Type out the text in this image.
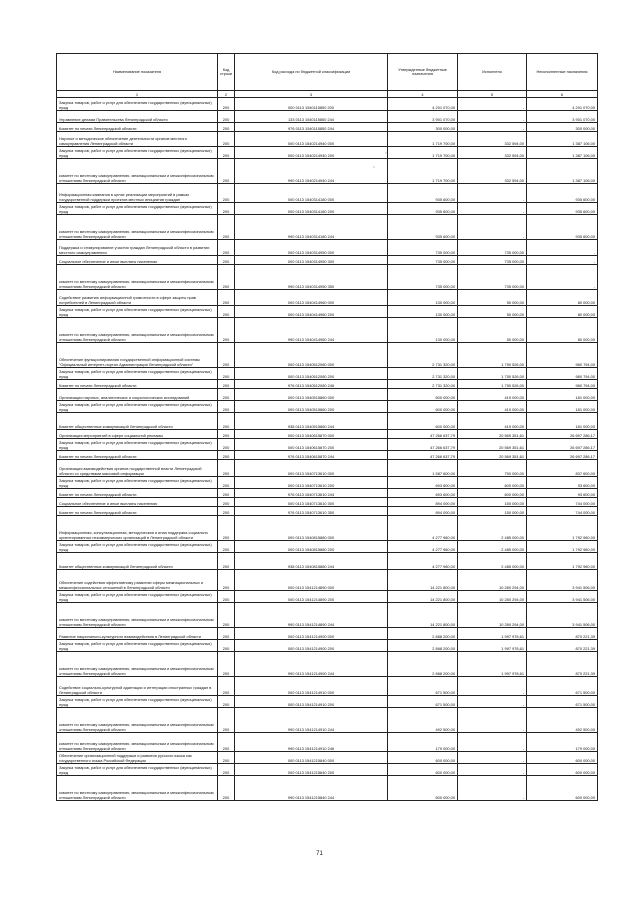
Наименование показателя	Код строки	Код расхода по бюджетной классификации	Утвержденные бюджетные назначения	Исполнено	Неисполненные назначения
1	2	3	4	5	6
Закупка товаров, работ и услуг для обеспечения государственных (муниципальных) нужд	200	000 0113 1540115850 200	4 201 070,00	-	4 201 070,00
Управление делами Правительства Ленинградской области	200	133 0113 1540115850 244	3 901 070,00	-	3 901 070,00
Комитет по печати Ленинградской области	200	976 0113 1540115850 244	300 000,00	-	300 000,00
Научное и методическое обеспечение деятельности органов местного самоуправления Ленинградской области	200	000 0113 1540214940 000	1 719 700,00	332 594,00	1 387 106,00
Закупка товаров, работ и услуг для обеспечения государственных (муниципальных) нужд	200	000 0113 1540214940 200	1 719 700,00	332 594,00	1 387 106,00
комитет по местному самоуправлению, межнациональным и межконфессиональным отношениям Ленинградской области	200	990 0113 1540214940 244	1 719 700,00	332 594,00	1 387 106,00
Информационная кампания в целях реализации мероприятий в рамках государственной поддержки проектов местных инициатив граждан	200	000 0113 1540314180 000	935 600,00	-	935 600,00
Закупка товаров, работ и услуг для обеспечения государственных (муниципальных) нужд	200	000 0113 1540314180 200	935 600,00	-	935 600,00
комитет по местному самоуправлению, межнациональным и межконфессиональным отношениям Ленинградской области	200	990 0113 1540314180 244	935 600,00	-	935 600,00
Поддержка и стимулирование участия граждан Ленинградской области в развитии местного самоуправления	200	000 0113 1540314950 000	735 000,00	735 000,00	-
Социальное обеспечение и иные выплаты населению	200	000 0113 1540314950 300	735 000,00	735 000,00	-
комитет по местному самоуправлению, межнациональным и межконфессиональным отношениям Ленинградской области	200	990 0113 1540314950 350	735 000,00	735 000,00	-
Содействие развитию информационной грамотности в сфере защиты прав потребителей в Ленинградской области	200	000 0113 1540414960 000	130 000,00	50 000,00	80 000,00
Закупка товаров, работ и услуг для обеспечения государственных (муниципальных) нужд	200	000 0113 1540414960 200	130 000,00	50 000,00	80 000,00
комитет по местному самоуправлению, межнациональным и межконфессиональным отношениям Ленинградской области	200	990 0113 1540414960 244	130 000,00	50 000,00	80 000,00
Обеспечение функционирования государственной информационной системы "Официальный интернет-портал Администрации Ленинградской области"	200	000 0113 1540512080 000	2 731 320,00	1 750 526,00	980 794,00
Закупка товаров, работ и услуг для обеспечения государственных (муниципальных) нужд	200	000 0113 1540512080 200	2 731 320,00	1 750 526,00	980 794,00
Комитет по печати Ленинградской области	200	976 0113 1540512080 246	2 731 320,00	1 750 526,00	980 794,00
Организация научных, аналитических и социологических исследований	200	000 0113 1540515860 000	600 000,00	419 000,00	181 000,00
Закупка товаров, работ и услуг для обеспечения государственных (муниципальных) нужд	200	000 0113 1540515860 200	600 000,00	419 000,00	181 000,00
Комитет общественных коммуникаций Ленинградской области	200	938 0113 1540515860 244	600 000,00	419 000,00	181 000,00
Организация мероприятий в сфере социальной рекламы	200	000 0113 1540615870 000	47 266 637,79	20 569 351,61	26 697 286,17
Закупка товаров, работ и услуг для обеспечения государственных (муниципальных) нужд	200	000 0113 1540615870 200	47 266 637,79	20 569 351,61	26 697 286,17
Комитет по печати Ленинградской области	200	976 0113 1540615870 244	47 266 637,79	20 569 351,61	26 697 286,17
Организация взаимодействия органов государственной власти Ленинградской области со средствами массовой информации	200	000 0113 1540713610 000	1 587 600,00	750 000,00	837 600,00
Закупка товаров, работ и услуг для обеспечения государственных (муниципальных) нужд	200	000 0113 1540713610 200	693 600,00	600 000,00	93 600,00
Комитет по печати Ленинградской области	200	976 0113 1540713610 244	693 600,00	600 000,00	93 600,00
Социальное обеспечение и иные выплаты населению	200	000 0113 1540713610 300	894 000,00	150 000,00	744 000,00
Комитет по печати Ленинградской области	200	976 0113 1540713610 350	894 000,00	150 000,00	744 000,00
Информационная, консультационная, методическая и иная поддержка социально ориентированных некоммерческих организаций в Ленинградской области	200	000 0113 1540815880 000	4 277 960,00	2 485 000,00	1 792 960,00
Закупка товаров, работ и услуг для обеспечения государственных (муниципальных) нужд	200	000 0113 1540815880 200	4 277 960,00	2 485 000,00	1 792 960,00
Комитет общественных коммуникаций Ленинградской области	200	938 0113 1540815880 244	4 277 960,00	2 485 000,00	1 792 960,00
Обеспечение содействия эффективному развитию сферы межнациональных и межконфессиональных отношений в Ленинградской области	200	000 0113 1541214890 000	14 221 800,00	10 280 294,00	3 941 506,00
Закупка товаров, работ и услуг для обеспечения государственных (муниципальных) нужд	200	000 0113 1541214890 200	14 221 800,00	10 280 294,00	3 941 506,00
комитет по местному самоуправлению, межнациональным и межконфессиональным отношениям Ленинградской области	200	990 0113 1541214890 244	14 221 800,00	10 280 294,00	3 941 506,00
Развитие национально-культурного взаимодействия в Ленинградской области	200	000 0113 1541214900 000	2 868 200,00	1 997 978,61	870 221,39
Закупка товаров, работ и услуг для обеспечения государственных (муниципальных) нужд	200	000 0113 1541214900 200	2 868 200,00	1 997 978,61	870 221,39
комитет по местному самоуправлению, межнациональным и межконфессиональным отношениям Ленинградской области	200	990 0113 1541214900 244	2 868 200,00	1 997 978,61	870 221,39
Содействие социально-культурной адаптации и интеграции иностранных граждан в Ленинградской области	200	000 0113 1541214910 000	671 500,00	-	671 500,00
Закупка товаров, работ и услуг для обеспечения государственных (муниципальных) нужд	200	000 0113 1541214910 200	671 500,00	-	671 500,00
комитет по местному самоуправлению, межнациональным и межконфессиональным отношениям Ленинградской области	200	990 0113 1541214910 244	492 500,00	-	492 500,00
комитет по местному самоуправлению, межнациональным и межконфессиональным отношениям Ленинградской области	200	990 0113 1541214910 246	179 000,00	-	179 000,00
Обеспечение организационной поддержки и развития русского языка как государственного языка Российской Федерации	200	000 0113 1541215840 000	600 000,00	-	600 000,00
Закупка товаров, работ и услуг для обеспечения государственных (муниципальных) нужд	200	000 0113 1541215840 200	600 000,00	-	600 000,00
комитет по местному самоуправлению, межнациональным и межконфессиональным отношениям Ленинградской области	200	990 0113 1541215840 244	600 000,00	-	600 000,00
71
